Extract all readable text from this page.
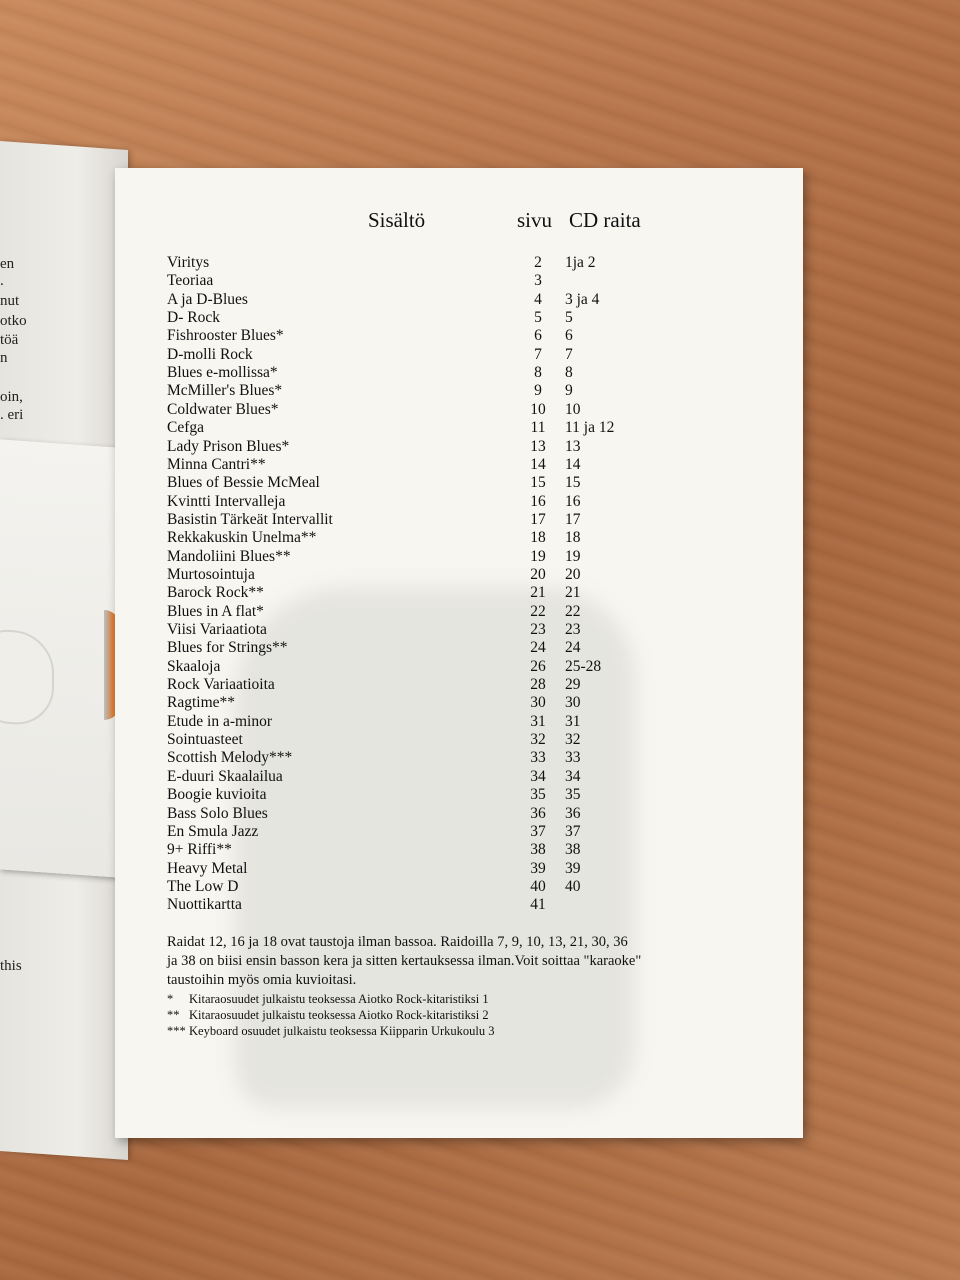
en
.
nut
otko
töä
n
oin,
. eri
this
Sisältö	sivu CD raita
Viritys	2	1ja 2
Teoriaa	3
A ja D-Blues	4	3 ja 4
D- Rock	5	5
Fishrooster Blues*	6	6
D-molli Rock	7	7
Blues e-mollissa*	8	8
McMiller's Blues*	9	9
Coldwater Blues*	10	10
Cefga	11	11 ja 12
Lady Prison Blues*	13	13
Minna Cantri**	14	14
Blues of Bessie McMeal	15	15
Kvintti Intervalleja	16	16
Basistin Tärkeät Intervallit	17	17
Rekkakuskin Unelma**	18	18
Mandoliini Blues**	19	19
Murtosointuja	20	20
Barock Rock**	21	21
Blues in A flat*	22	22
Viisi Variaatiota	23	23
Blues for Strings**	24	24
Skaaloja	26	25-28
Rock Variaatioita	28	29
Ragtime**	30	30
Etude in a-minor	31	31
Sointuasteet	32	32
Scottish Melody***	33	33
E-duuri Skaalailua	34	34
Boogie kuvioita	35	35
Bass Solo Blues	36	36
En Smula Jazz	37	37
9+ Riffi**	38	38
Heavy Metal	39	39
The Low D	40	40
Nuottikartta	41
Raidat 12, 16 ja 18 ovat taustoja ilman bassoa. Raidoilla 7, 9, 10, 13, 21, 30, 36
ja 38 on biisi ensin basson kera ja sitten kertauksessa ilman.Voit soittaa "karaoke"
taustoihin myös omia kuvioitasi.
* Kitaraosuudet julkaistu teoksessa Aiotko Rock-kitaristiksi 1
** Kitaraosuudet julkaistu teoksessa Aiotko Rock-kitaristiksi 2
*** Keyboard osuudet julkaistu teoksessa Kiipparin Urkukoulu 3
